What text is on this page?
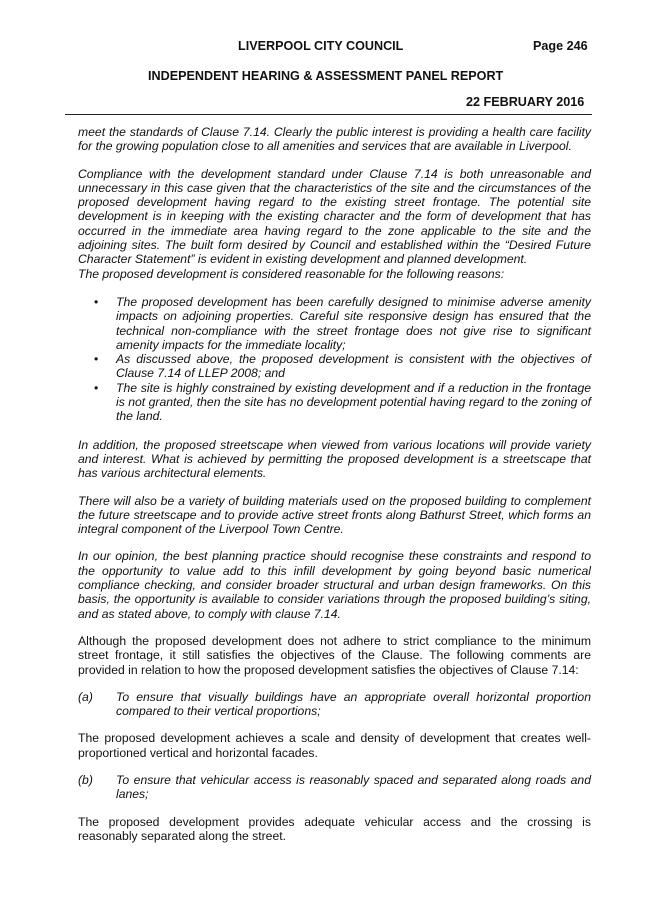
LIVERPOOL CITY COUNCIL	Page 246
INDEPENDENT HEARING & ASSESSMENT PANEL REPORT
22 FEBRUARY 2016

meet the standards of Clause 7.14. Clearly the public interest is providing a health care facility for the growing population close to all amenities and services that are available in Liverpool.

Compliance with the development standard under Clause 7.14 is both unreasonable and unnecessary in this case given that the characteristics of the site and the circumstances of the proposed development having regard to the existing street frontage. The potential site development is in keeping with the existing character and the form of development that has occurred in the immediate area having regard to the zone applicable to the site and the adjoining sites. The built form desired by Council and established within the “Desired Future Character Statement” is evident in existing development and planned development.

The proposed development is considered reasonable for the following reasons:

• The proposed development has been carefully designed to minimise adverse amenity impacts on adjoining properties. Careful site responsive design has ensured that the technical non-compliance with the street frontage does not give rise to significant amenity impacts for the immediate locality;
• As discussed above, the proposed development is consistent with the objectives of Clause 7.14 of LLEP 2008; and
• The site is highly constrained by existing development and if a reduction in the frontage is not granted, then the site has no development potential having regard to the zoning of the land.

In addition, the proposed streetscape when viewed from various locations will provide variety and interest. What is achieved by permitting the proposed development is a streetscape that has various architectural elements.

There will also be a variety of building materials used on the proposed building to complement the future streetscape and to provide active street fronts along Bathurst Street, which forms an integral component of the Liverpool Town Centre.

In our opinion, the best planning practice should recognise these constraints and respond to the opportunity to value add to this infill development by going beyond basic numerical compliance checking, and consider broader structural and urban design frameworks. On this basis, the opportunity is available to consider variations through the proposed building’s siting, and as stated above, to comply with clause 7.14.

Although the proposed development does not adhere to strict compliance to the minimum street frontage, it still satisfies the objectives of the Clause. The following comments are provided in relation to how the proposed development satisfies the objectives of Clause 7.14:

(a) To ensure that visually buildings have an appropriate overall horizontal proportion compared to their vertical proportions;

The proposed development achieves a scale and density of development that creates well-proportioned vertical and horizontal facades.

(b) To ensure that vehicular access is reasonably spaced and separated along roads and lanes;

The proposed development provides adequate vehicular access and the crossing is reasonably separated along the street.
